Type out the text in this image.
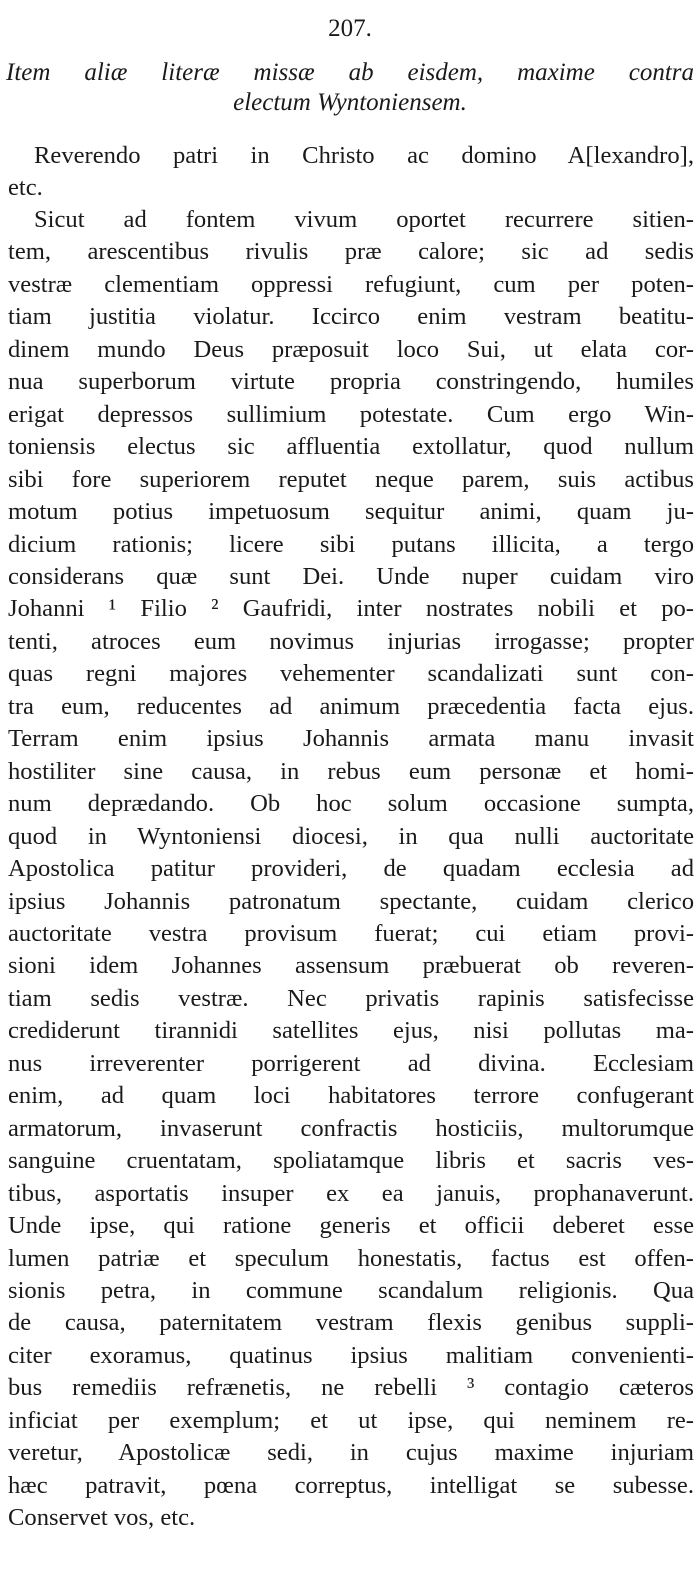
207.
Item aliæ literæ missæ ab eisdem, maxime contra
electum Wyntoniensem.
Reverendo patri in Christo ac domino A[lexandro],
etc.
Sicut ad fontem vivum oportet recurrere sitien-
tem, arescentibus rivulis præ calore; sic ad sedis
vestræ clementiam oppressi refugiunt, cum per poten-
tiam justitia violatur. Iccirco enim vestram beatitu-
dinem mundo Deus præposuit loco Sui, ut elata cor-
nua superborum virtute propria constringendo, humiles
erigat depressos sullimium potestate. Cum ergo Win-
toniensis electus sic affluentia extollatur, quod nullum
sibi fore superiorem reputet neque parem, suis actibus
motum potius impetuosum sequitur animi, quam ju-
dicium rationis; licere sibi putans illicita, a tergo
considerans quæ sunt Dei. Unde nuper cuidam viro
Johanni ¹ Filio ² Gaufridi, inter nostrates nobili et po-
tenti, atroces eum novimus injurias irrogasse; propter
quas regni majores vehementer scandalizati sunt con-
tra eum, reducentes ad animum præcedentia facta ejus.
Terram enim ipsius Johannis armata manu invasit
hostiliter sine causa, in rebus eum personæ et homi-
num deprædando. Ob hoc solum occasione sumpta,
quod in Wyntoniensi diocesi, in qua nulli auctoritate
Apostolica patitur provideri, de quadam ecclesia ad
ipsius Johannis patronatum spectante, cuidam clerico
auctoritate vestra provisum fuerat; cui etiam provi-
sioni idem Johannes assensum præbuerat ob reveren-
tiam sedis vestræ. Nec privatis rapinis satisfecisse
crediderunt tirannidi satellites ejus, nisi pollutas ma-
nus irreverenter porrigerent ad divina. Ecclesiam
enim, ad quam loci habitatores terrore confugerant
armatorum, invaserunt confractis hosticiis, multorumque
sanguine cruentatam, spoliatamque libris et sacris ves-
tibus, asportatis insuper ex ea januis, prophanaverunt.
Unde ipse, qui ratione generis et officii deberet esse
lumen patriæ et speculum honestatis, factus est offen-
sionis petra, in commune scandalum religionis. Qua
de causa, paternitatem vestram flexis genibus suppli-
citer exoramus, quatinus ipsius malitiam convenienti-
bus remediis refrænetis, ne rebelli ³ contagio cæteros
inficiat per exemplum; et ut ipse, qui neminem re-
veretur, Apostolicæ sedi, in cujus maxime injuriam
hæc patravit, pœna correptus, intelligat se subesse.
Conservet vos, etc.
